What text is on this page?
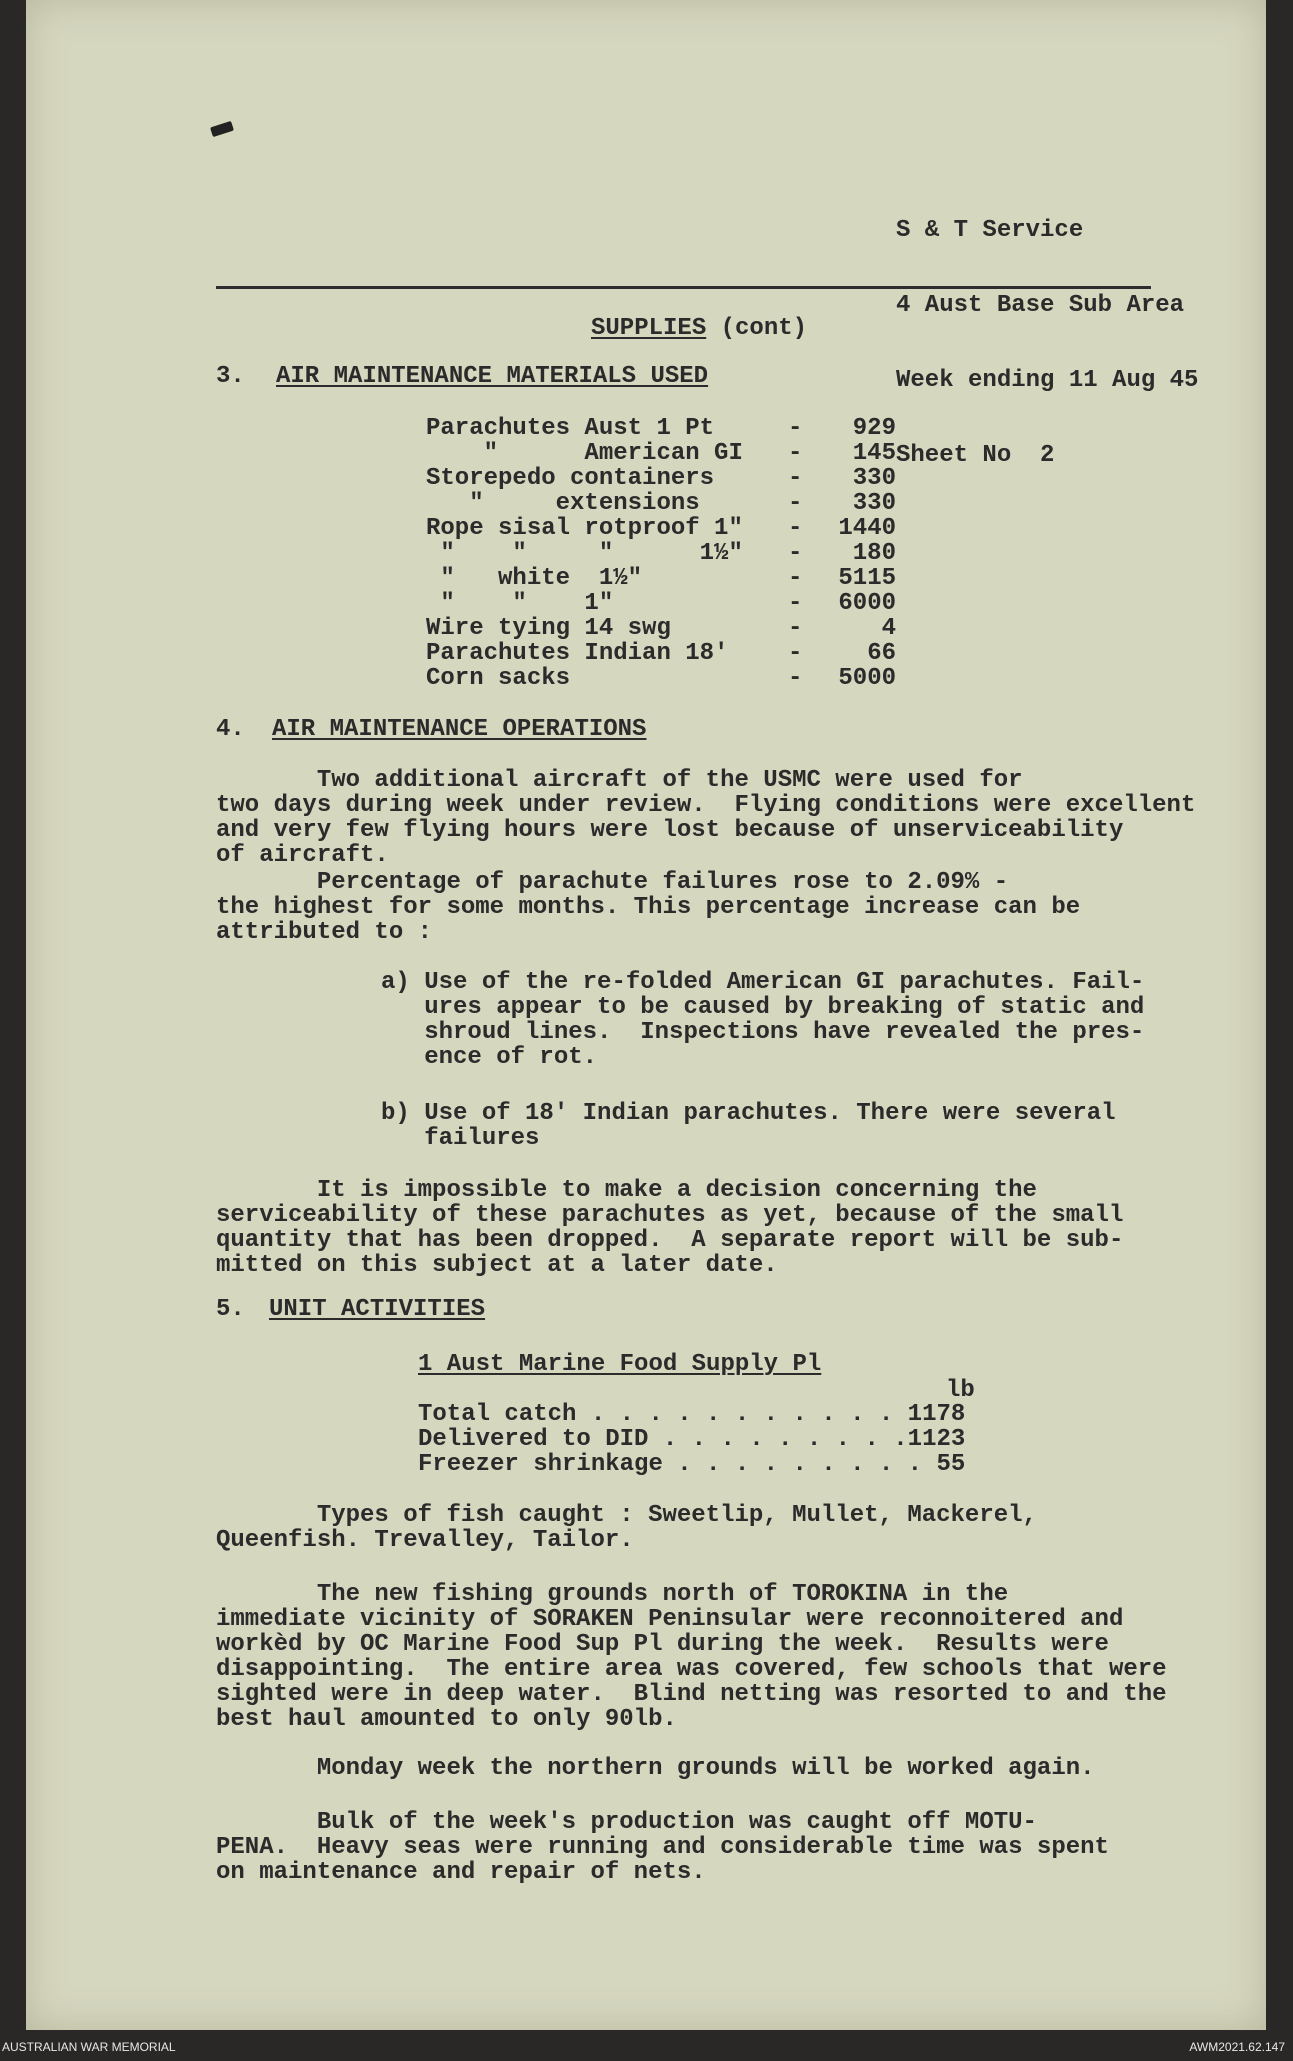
S & T Service

4 Aust Base Sub Area

Week ending 11 Aug 45

Sheet No  2

SUPPLIES (cont)
3. AIR MAINTENANCE MATERIALS USED
Parachutes Aust 1 Pt	- 929
"      American GI - 145
Storepedo containers	- 330
"     extensions	- 330
Rope sisal rotproof 1" - 1440
"    "     "      1½" - 180
"   white  1½"	- 5115
"    "    1"	- 6000
Wire tying 14 swg	-	4
Parachutes Indian 18' -	66
Corn sacks	- 5000
4. AIR MAINTENANCE OPERATIONS
Two additional aircraft of the USMC were used for
two days during week under review.  Flying conditions were excellent
and very few flying hours were lost because of unserviceability
of aircraft.
Percentage of parachute failures rose to 2.09% -
the highest for some months. This percentage increase can be
attributed to :
a) Use of the re-folded American GI parachutes. Fail-
ures appear to be caused by breaking of static and
shroud lines.  Inspections have revealed the pres-
ence of rot.
b) Use of 18' Indian parachutes. There were several
failures
It is impossible to make a decision concerning the
serviceability of these parachutes as yet, because of the small
quantity that has been dropped.  A separate report will be sub-
mitted on this subject at a later date.
5. UNIT ACTIVITIES
1 Aust Marine Food Supply Pl
lb
Total catch . . . . . . . . . . . 1178
Delivered to DID . . . . . . . . .1123
Freezer shrinkage . . . . . . . . . 55
Types of fish caught : Sweetlip, Mullet, Mackerel,
Queenfish. Trevalley, Tailor.
The new fishing grounds north of TOROKINA in the
immediate vicinity of SORAKEN Peninsular were reconnoitered and
workèd by OC Marine Food Sup Pl during the week.  Results were
disappointing.  The entire area was covered, few schools that were
sighted were in deep water.  Blind netting was resorted to and the
best haul amounted to only 90lb.
Monday week the northern grounds will be worked again.
Bulk of the week's production was caught off MOTU-
PENA.  Heavy seas were running and considerable time was spent
on maintenance and repair of nets.
AUSTRALIAN WAR MEMORIAL	AWM2021.62.147
